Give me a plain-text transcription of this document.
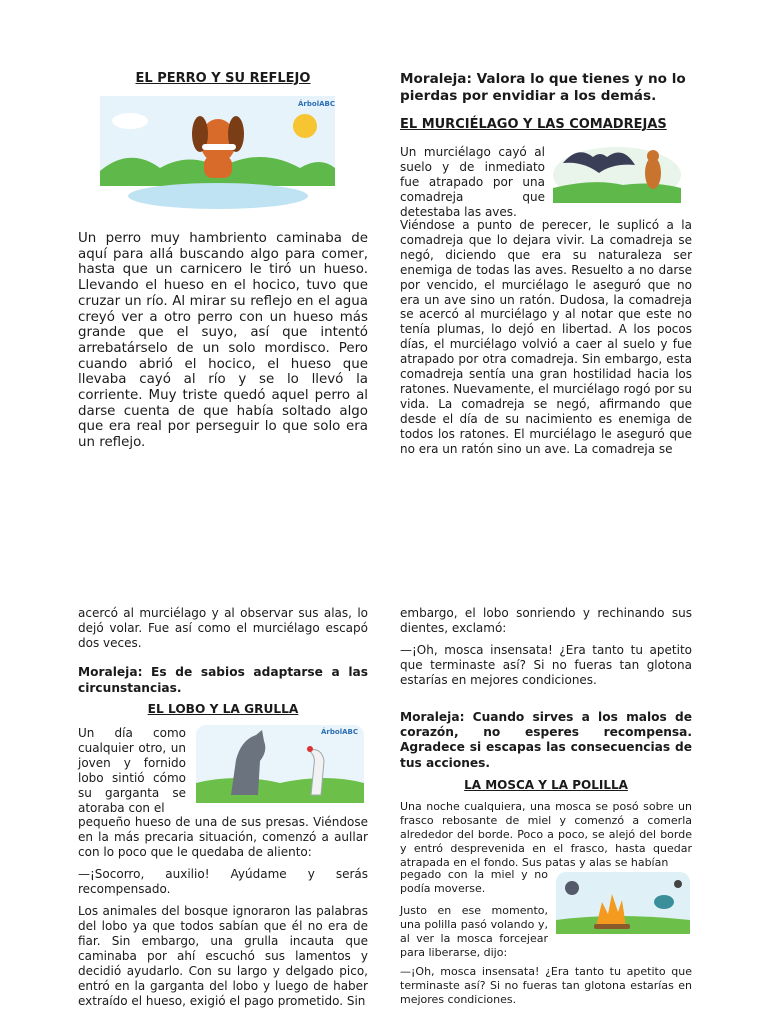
EL PERRO Y SU REFLEJO
ÁrbolABC

Un perro muy hambriento caminaba de aquí para allá buscando algo para comer, hasta que un carnicero le tiró un hueso. Llevando el hueso en el hocico, tuvo que cruzar un río. Al mirar su reflejo en el agua creyó ver a otro perro con un hueso más grande que el suyo, así que intentó arrebatárselo de un solo mordisco. Pero cuando abrió el hocico, el hueso que llevaba cayó al río y se lo llevó la corriente. Muy triste quedó aquel perro al darse cuenta de que había soltado algo que era real por perseguir lo que solo era un reflejo.

Moraleja: Valora lo que tienes y no lo pierdas por envidiar a los demás.

EL MURCIÉLAGO Y LAS COMADREJAS

Un murciélago cayó al suelo y de inmediato fue atrapado por una comadreja que detestaba las aves.

Viéndose a punto de perecer, le suplicó a la comadreja que lo dejara vivir. La comadreja se negó, diciendo que era su naturaleza ser enemiga de todas las aves. Resuelto a no darse por vencido, el murciélago le aseguró que no era un ave sino un ratón. Dudosa, la comadreja se acercó al murciélago y al notar que este no tenía plumas, lo dejó en libertad. A los pocos días, el murciélago volvió a caer al suelo y fue atrapado por otra comadreja. Sin embargo, esta comadreja sentía una gran hostilidad hacia los ratones. Nuevamente, el murciélago rogó por su vida. La comadreja se negó, afirmando que desde el día de su nacimiento es enemiga de todos los ratones. El murciélago le aseguró que no era un ratón sino un ave. La comadreja se

acercó al murciélago y al observar sus alas, lo dejó volar. Fue así como el murciélago escapó dos veces.

Moraleja: Es de sabios adaptarse a las circunstancias.

EL LOBO Y LA GRULLA

Un día como cualquier otro, un joven y fornido lobo sintió cómo su garganta se atoraba con el

ÁrbolABC

pequeño hueso de una de sus presas. Viéndose en la más precaria situación, comenzó a aullar con lo poco que le quedaba de aliento:

—¡Socorro, auxilio! Ayúdame y serás recompensado.

Los animales del bosque ignoraron las palabras del lobo ya que todos sabían que él no era de fiar. Sin embargo, una grulla incauta que caminaba por ahí escuchó sus lamentos y decidió ayudarlo. Con su largo y delgado pico, entró en la garganta del lobo y luego de haber extraído el hueso, exigió el pago prometido. Sin

embargo, el lobo sonriendo y rechinando sus dientes, exclamó:

—¡Oh, mosca insensata! ¿Era tanto tu apetito que terminaste así? Si no fueras tan glotona estarías en mejores condiciones.

Moraleja: Cuando sirves a los malos de corazón, no esperes recompensa. Agradece si escapas las consecuencias de tus acciones.

LA MOSCA Y LA POLILLA

Una noche cualquiera, una mosca se posó sobre un frasco rebosante de miel y comenzó a comerla alrededor del borde. Poco a poco, se alejó del borde y entró desprevenida en el frasco, hasta quedar atrapada en el fondo. Sus patas y alas se habían

pegado con la miel y no podía moverse.

Justo en ese momento, una polilla pasó volando y, al ver la mosca forcejear para liberarse, dijo:

—¡Oh, mosca insensata! ¿Era tanto tu apetito que terminaste así? Si no fueras tan glotona estarías en mejores condiciones.
